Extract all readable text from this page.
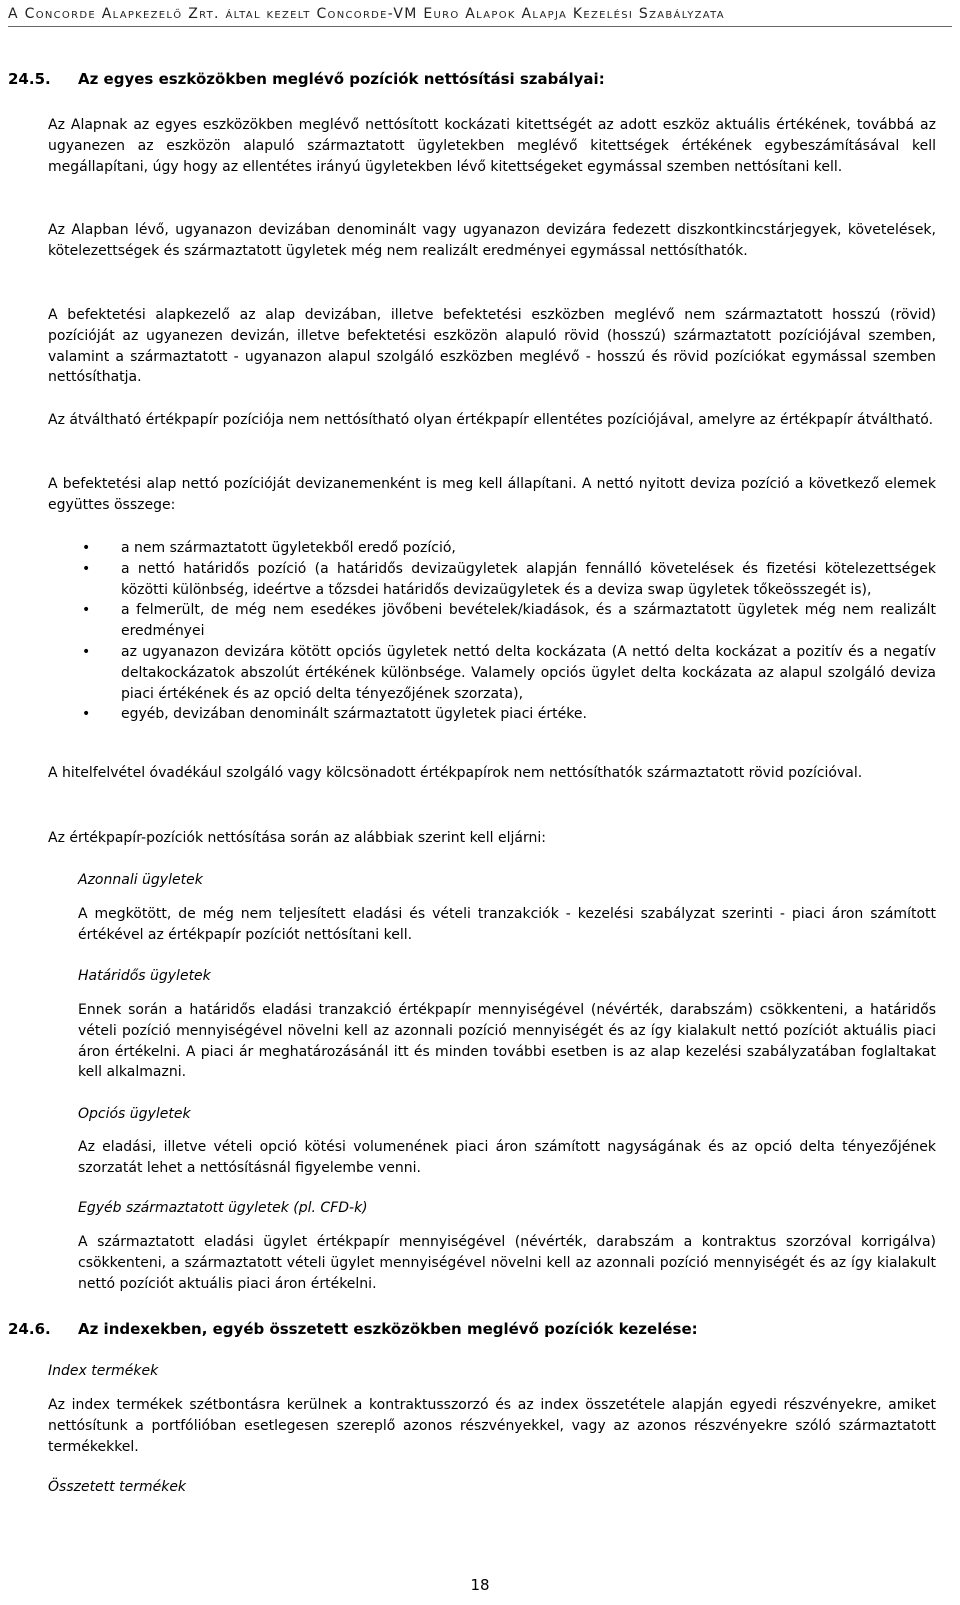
A Concorde Alapkezelő Zrt. által kezelt Concorde-VM Euro Alapok Alapja Kezelési Szabályzata
24.5. Az egyes eszközökben meglévő pozíciók nettósítási szabályai:

Az Alapnak az egyes eszközökben meglévő nettósított kockázati kitettségét az adott eszköz aktuális értékének, továbbá az ugyanezen az eszközön alapuló származtatott ügyletekben meglévő kitettségek értékének egybeszámításával kell megállapítani, úgy hogy az ellentétes irányú ügyletekben lévő kitettségeket egymással szemben nettósítani kell.

Az Alapban lévő, ugyanazon devizában denominált vagy ugyanazon devizára fedezett diszkontkincstárjegyek, követelések, kötelezettségek és származtatott ügyletek még nem realizált eredményei egymással nettósíthatók.

A befektetési alapkezelő az alap devizában, illetve befektetési eszközben meglévő nem származtatott hosszú (rövid) pozícióját az ugyanezen devizán, illetve befektetési eszközön alapuló rövid (hosszú) származtatott pozíciójával szemben, valamint a származtatott - ugyanazon alapul szolgáló eszközben meglévő - hosszú és rövid pozíciókat egymással szemben nettósíthatja.

Az átváltható értékpapír pozíciója nem nettósítható olyan értékpapír ellentétes pozíciójával, amelyre az értékpapír átváltható.

A befektetési alap nettó pozícióját devizanemenként is meg kell állapítani. A nettó nyitott deviza pozíció a következő elemek együttes összege:

• a nem származtatott ügyletekből eredő pozíció,
• a nettó határidős pozíció (a határidős devizaügyletek alapján fennálló követelések és fizetési kötelezettségek közötti különbség, ideértve a tőzsdei határidős devizaügyletek és a deviza swap ügyletek tőkeösszegét is),
• a felmerült, de még nem esedékes jövőbeni bevételek/kiadások, és a származtatott ügyletek még nem realizált eredményei
• az ugyanazon devizára kötött opciós ügyletek nettó delta kockázata (A nettó delta kockázat a pozitív és a negatív deltakockázatok abszolút értékének különbsége. Valamely opciós ügylet delta kockázata az alapul szolgáló deviza piaci értékének és az opció delta tényezőjének szorzata),
• egyéb, devizában denominált származtatott ügyletek piaci értéke.

A hitelfelvétel óvadékául szolgáló vagy kölcsönadott értékpapírok nem nettósíthatók származtatott rövid pozícióval.

Az értékpapír-pozíciók nettósítása során az alábbiak szerint kell eljárni:

Azonnali ügyletek

A megkötött, de még nem teljesített eladási és vételi tranzakciók - kezelési szabályzat szerinti - piaci áron számított értékével az értékpapír pozíciót nettósítani kell.

Határidős ügyletek

Ennek során a határidős eladási tranzakció értékpapír mennyiségével (névérték, darabszám) csökkenteni, a határidős vételi pozíció mennyiségével növelni kell az azonnali pozíció mennyiségét és az így kialakult nettó pozíciót aktuális piaci áron értékelni. A piaci ár meghatározásánál itt és minden további esetben is az alap kezelési szabályzatában foglaltakat kell alkalmazni.

Opciós ügyletek

Az eladási, illetve vételi opció kötési volumenének piaci áron számított nagyságának és az opció delta tényezőjének szorzatát lehet a nettósításnál figyelembe venni.

Egyéb származtatott ügyletek (pl. CFD-k)

A származtatott eladási ügylet értékpapír mennyiségével (névérték, darabszám a kontraktus szorzóval korrigálva) csökkenteni, a származtatott vételi ügylet mennyiségével növelni kell az azonnali pozíció mennyiségét és az így kialakult nettó pozíciót aktuális piaci áron értékelni.

24.6. Az indexekben, egyéb összetett eszközökben meglévő pozíciók kezelése:
Index termékek

Az index termékek szétbontásra kerülnek a kontraktusszorzó és az index összetétele alapján egyedi részvényekre, amiket nettósítunk a portfólióban esetlegesen szereplő azonos részvényekkel, vagy az azonos részvényekre szóló származtatott termékekkel.

Összetett termékek
18
